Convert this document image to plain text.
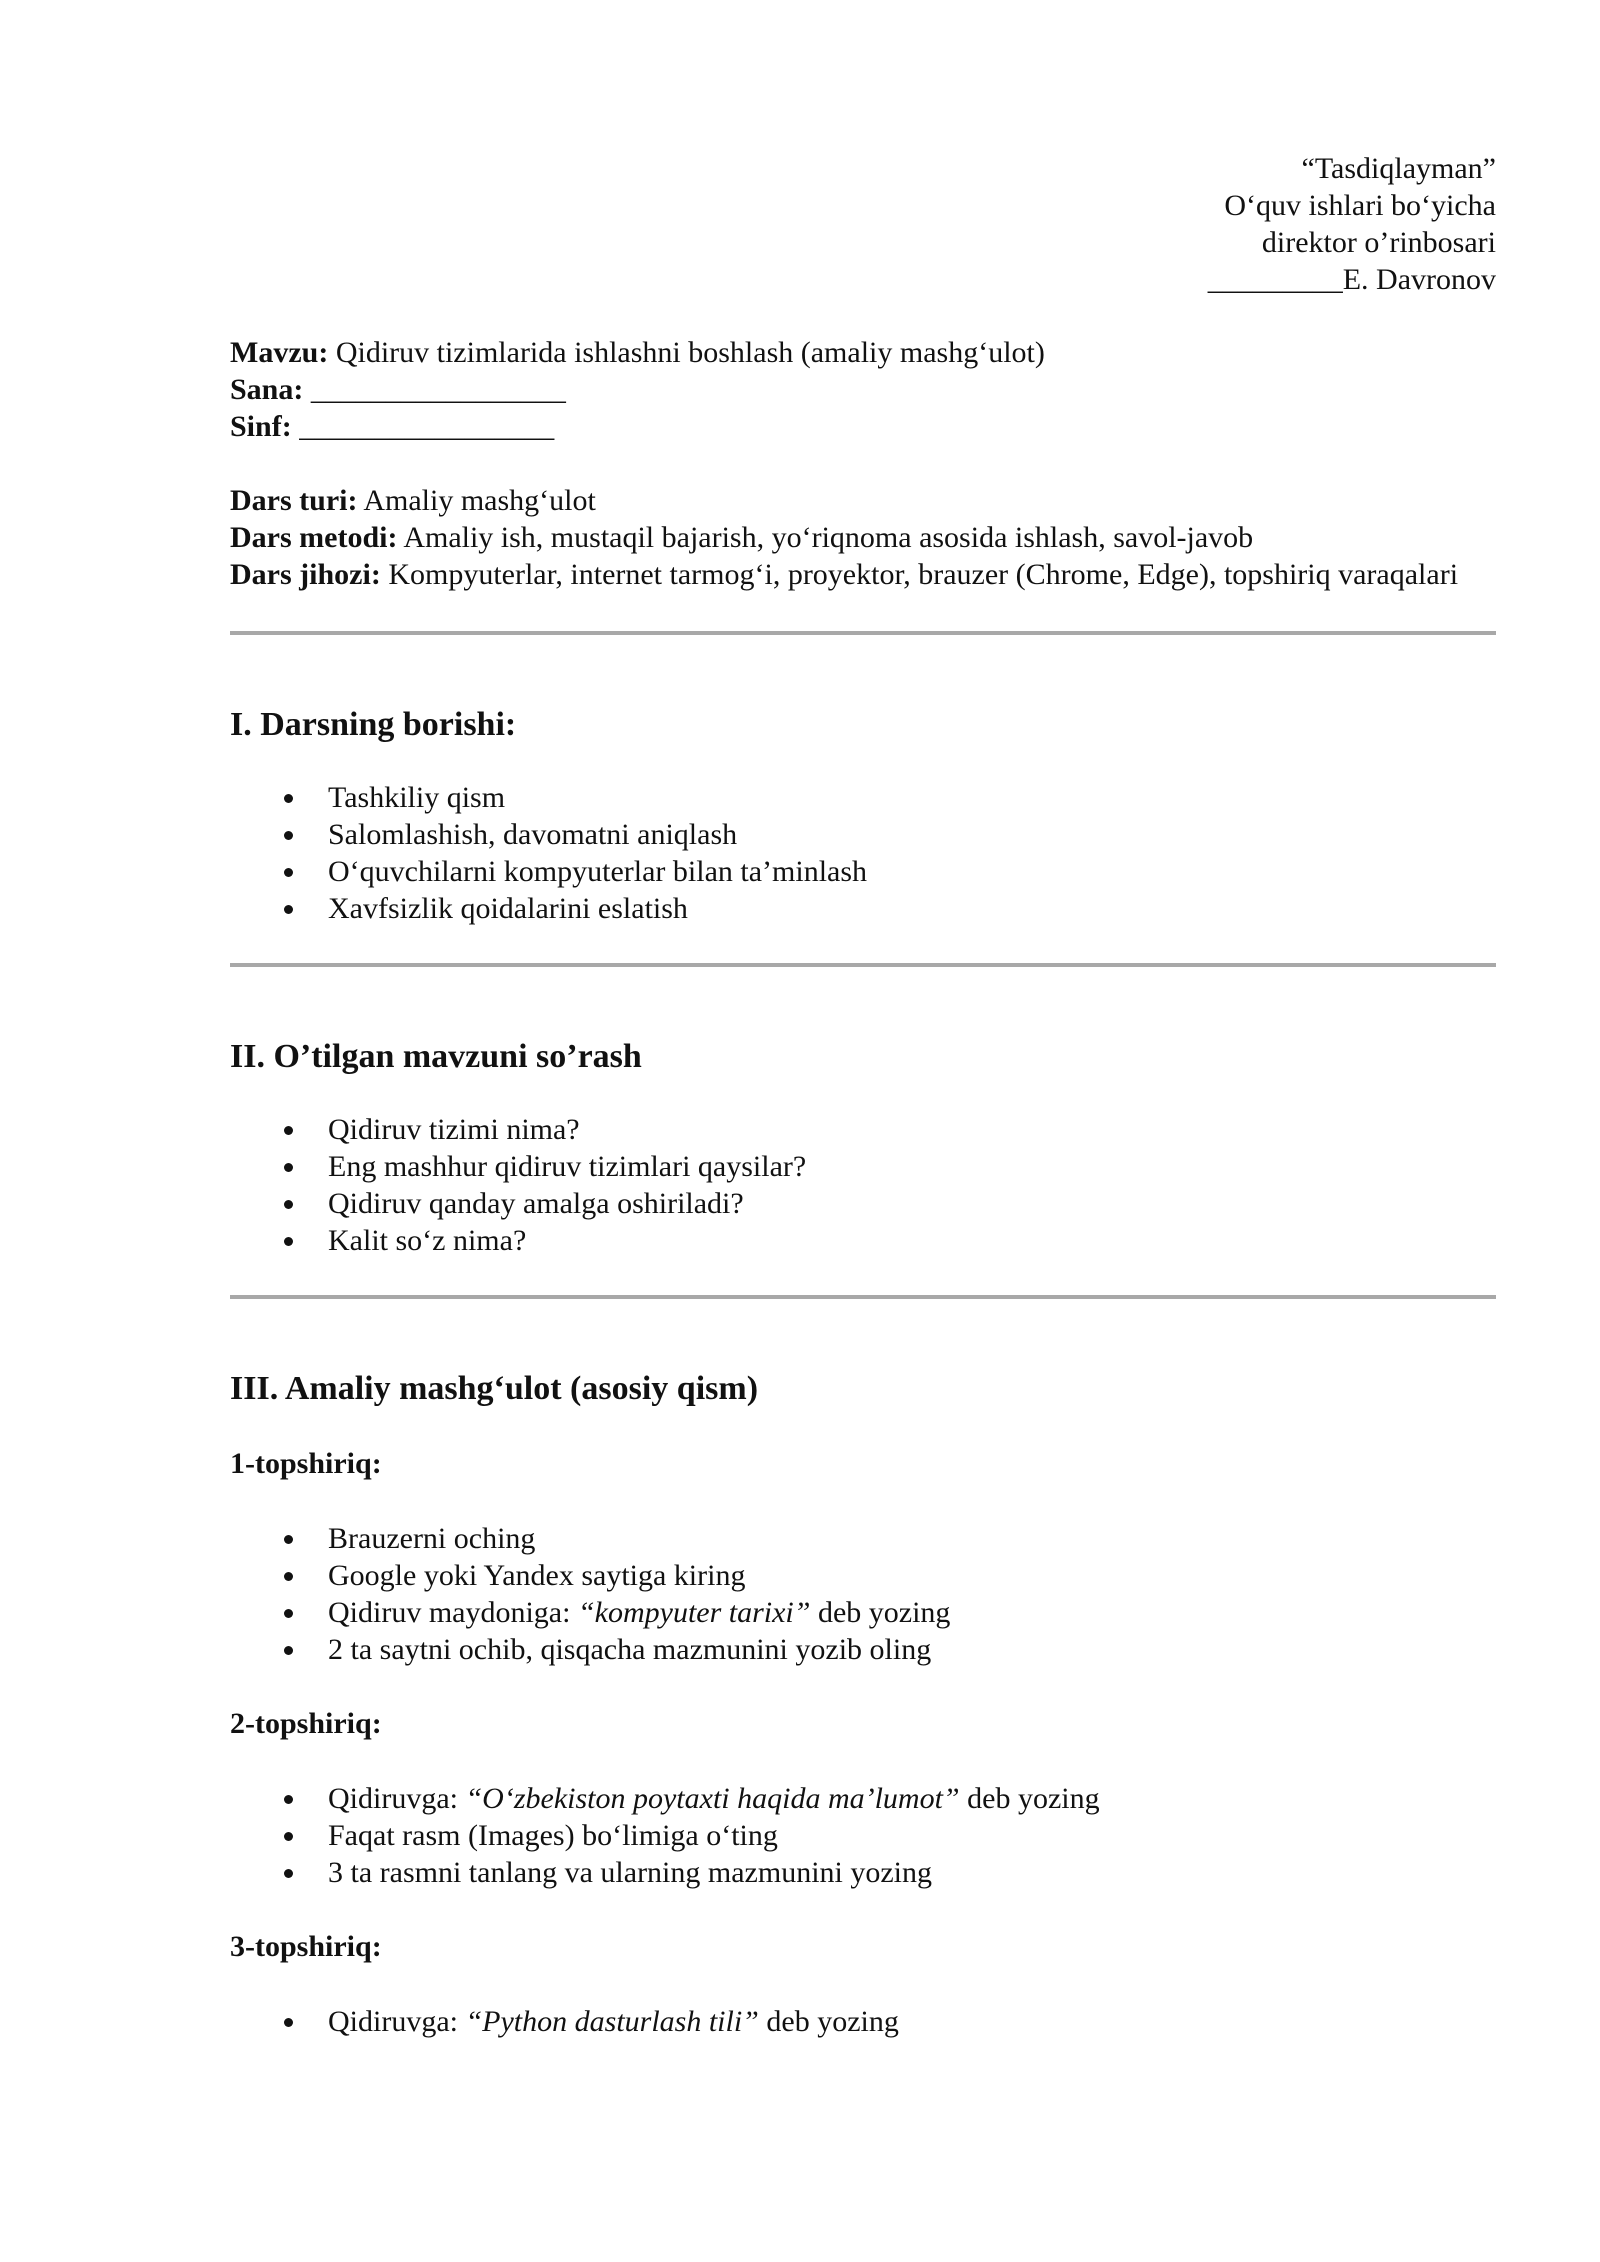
“Tasdiqlayman”
O‘quv ishlari bo‘yicha
direktor o’rinbosari
_________E. Davronov
Mavzu: Qidiruv tizimlarida ishlashni boshlash (amaliy mashg‘ulot)
Sana: _________________
Sinf: _________________
Dars turi: Amaliy mashg‘ulot
Dars metodi: Amaliy ish, mustaqil bajarish, yo‘riqnoma asosida ishlash, savol-javob
Dars jihozi: Kompyuterlar, internet tarmog‘i, proyektor, brauzer (Chrome, Edge), topshiriq varaqalari
I. Darsning borishi:
Tashkiliy qism
Salomlashish, davomatni aniqlash
O‘quvchilarni kompyuterlar bilan ta’minlash
Xavfsizlik qoidalarini eslatish
II. O’tilgan mavzuni so’rash
Qidiruv tizimi nima?
Eng mashhur qidiruv tizimlari qaysilar?
Qidiruv qanday amalga oshiriladi?
Kalit so‘z nima?
III. Amaliy mashg‘ulot (asosiy qism)
1-topshiriq:
Brauzerni oching
Google yoki Yandex saytiga kiring
Qidiruv maydoniga: “kompyuter tarixi” deb yozing
2 ta saytni ochib, qisqacha mazmunini yozib oling
2-topshiriq:
Qidiruvga: “O‘zbekiston poytaxti haqida ma’lumot” deb yozing
Faqat rasm (Images) bo‘limiga o‘ting
3 ta rasmni tanlang va ularning mazmunini yozing
3-topshiriq:
Qidiruvga: “Python dasturlash tili” deb yozing
